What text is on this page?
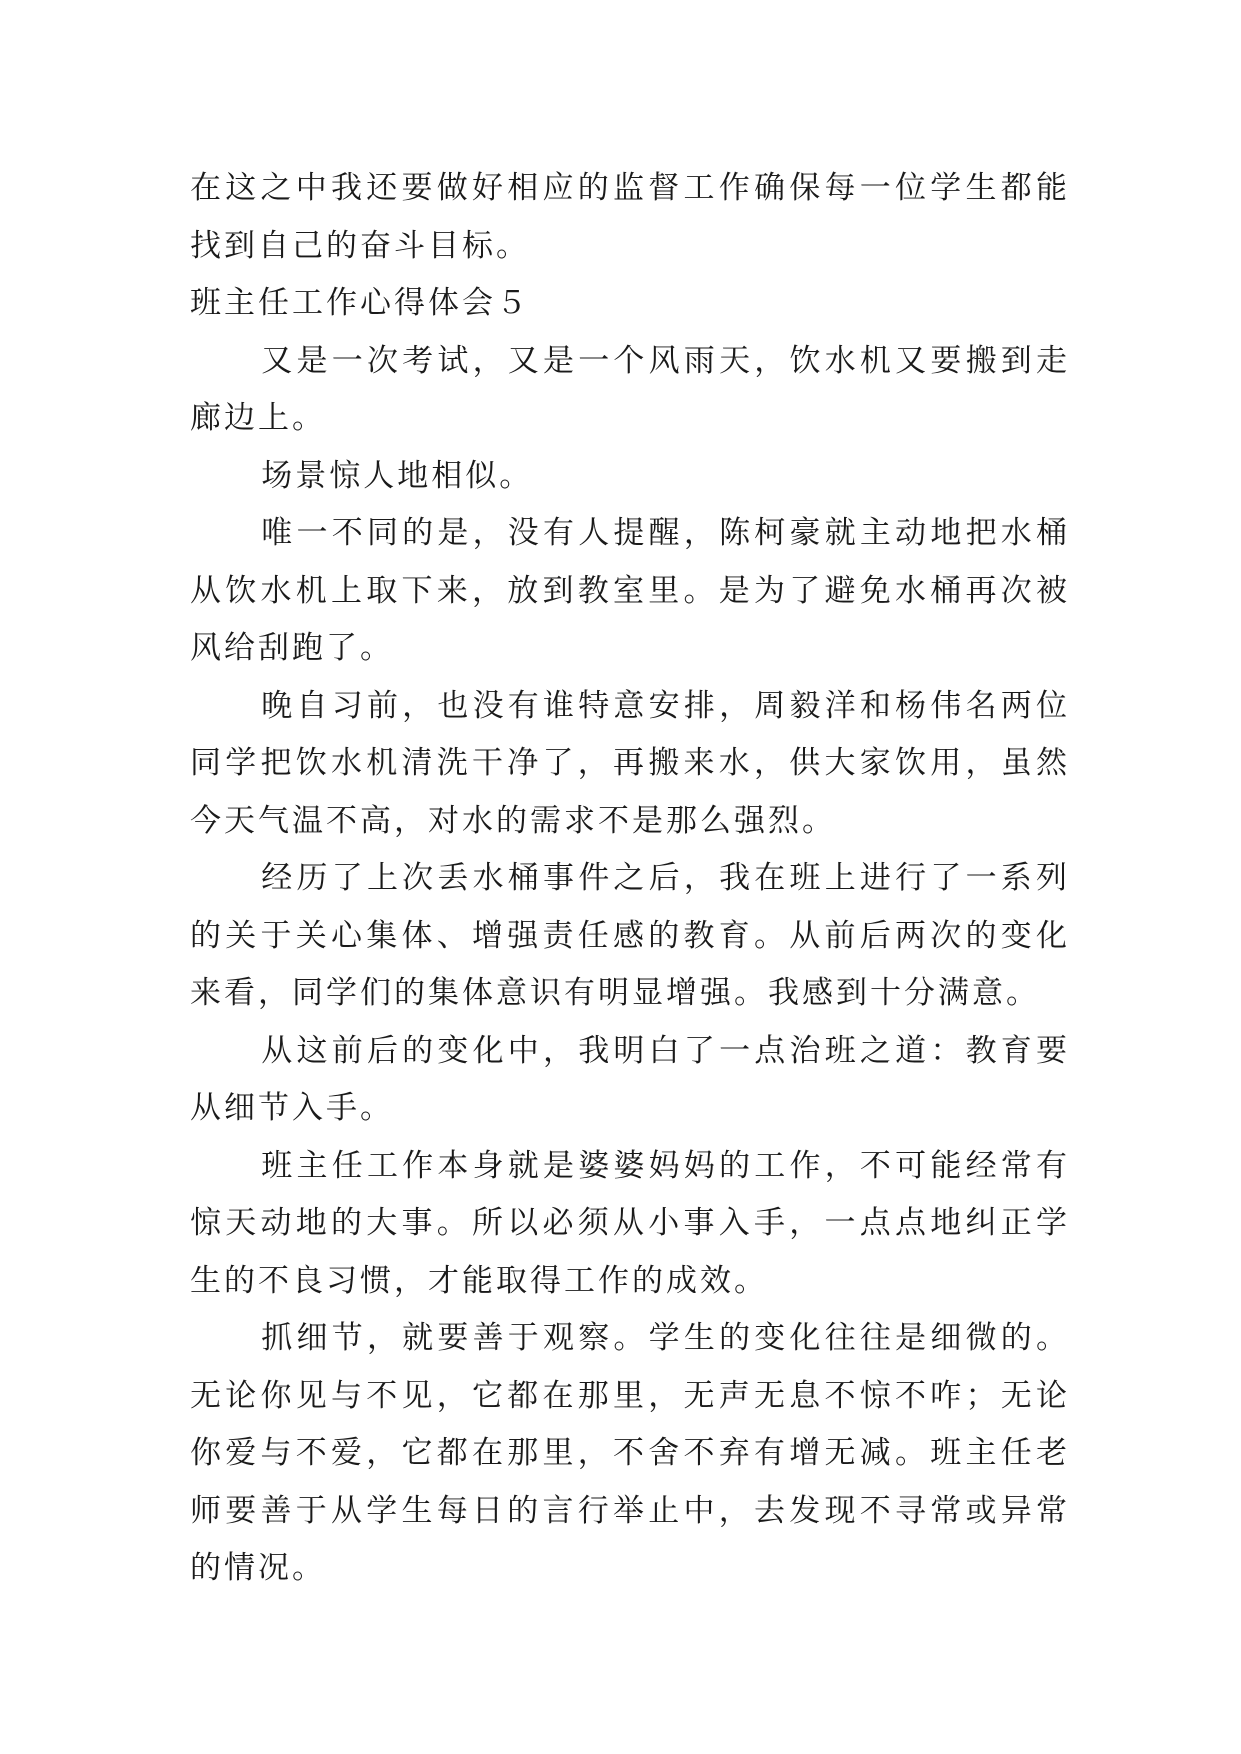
在这之中我还要做好相应的监督工作确保每一位学生都能找到自己的奋斗目标。

班主任工作心得体会５

又是一次考试，又是一个风雨天，饮水机又要搬到走廊边上。

场景惊人地相似。

唯一不同的是，没有人提醒，陈柯豪就主动地把水桶从饮水机上取下来，放到教室里。是为了避免水桶再次被风给刮跑了。

晚自习前，也没有谁特意安排，周毅洋和杨伟名两位同学把饮水机清洗干净了，再搬来水，供大家饮用，虽然今天气温不高，对水的需求不是那么强烈。

经历了上次丢水桶事件之后，我在班上进行了一系列的关于关心集体、增强责任感的教育。从前后两次的变化来看，同学们的集体意识有明显增强。我感到十分满意。

从这前后的变化中，我明白了一点治班之道：教育要从细节入手。

班主任工作本身就是婆婆妈妈的工作，不可能经常有惊天动地的大事。所以必须从小事入手，一点点地纠正学生的不良习惯，才能取得工作的成效。

抓细节，就要善于观察。学生的变化往往是细微的。无论你见与不见，它都在那里，无声无息不惊不咋；无论你爱与不爱，它都在那里，不舍不弃有增无减。班主任老师要善于从学生每日的言行举止中，去发现不寻常或异常的情况。
